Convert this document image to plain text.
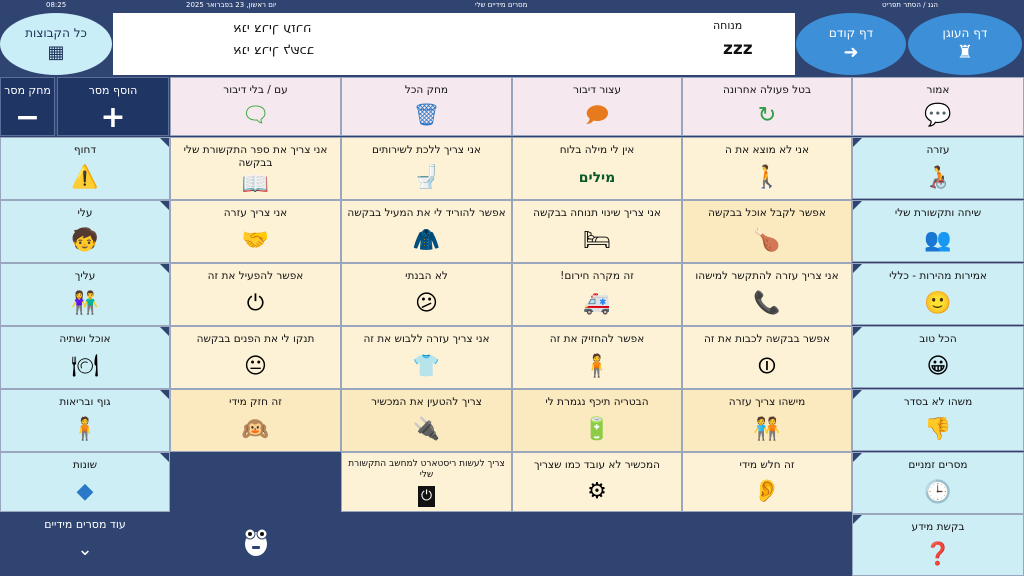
08:25	יום ראשון, 23 בפברואר 2025	מסרים מידיים שלי	הגנ / הסתר תפריט
דף העוגן
♜
דף קודם
➜
כל הקבוצות
▦
אני צריך עזרה
אני צריך לשכב
מנוחה
zzz
מחק מסר
−
הוסף מסר
+
עם / בלי דיבור
🗨
מחק הכל
🗑
עצור דיבור
🗩
בטל פעולה אחרונה
↻
אמור
💬
עזרה
🧑‍🦽
שיחה ותקשורת שלי
👥
אמירות מהירות - כללי
🙂
הכל טוב
😀
משהו לא בסדר
👎
מסרים זמניים
🕒
בקשת מידע
❓
אני לא מוצא את ה
🚶
אין לי מילה בלוח
מילים
אני צריך ללכת לשירותים
🚽
אני צריך את ספר התקשורת שלי בבקשה
📖
דחוף
⚠️
אפשר לקבל אוכל בבקשה
🍗
אני צריך שינוי תנוחה בבקשה
🛏
אפשר להוריד לי את המעיל בבקשה
🧥
אני צריך עזרה
🤝
עלי
🧒
אני צריך עזרה להתקשר למישהו
📞
זה מקרה חירום!
🚑
לא הבנתי
😕
אפשר להפעיל את זה
⏻
עליך
👫
אפשר בבקשה לכבות את זה
⏼
אפשר להחזיק את זה
🧍
אני צריך עזרה ללבוש את זה
👕
תנקו לי את הפנים בבקשה
😐
אוכל ושתיה
🍽
מישהו צריך עזרה
🧑‍🤝‍🧑
הבטריה תיכף נגמרת לי
🔋
צריך להטעין את המכשיר
🔌
זה חזק מידי
🙉
גוף ובריאות
🧍
זה חלש מידי
👂
המכשיר לא עובד כמו שצריך
⚙
צריך לעשות ריסטארט למחשב התקשורת שלי
⏻
שונות
◆
עוד מסרים מידיים
⌄
